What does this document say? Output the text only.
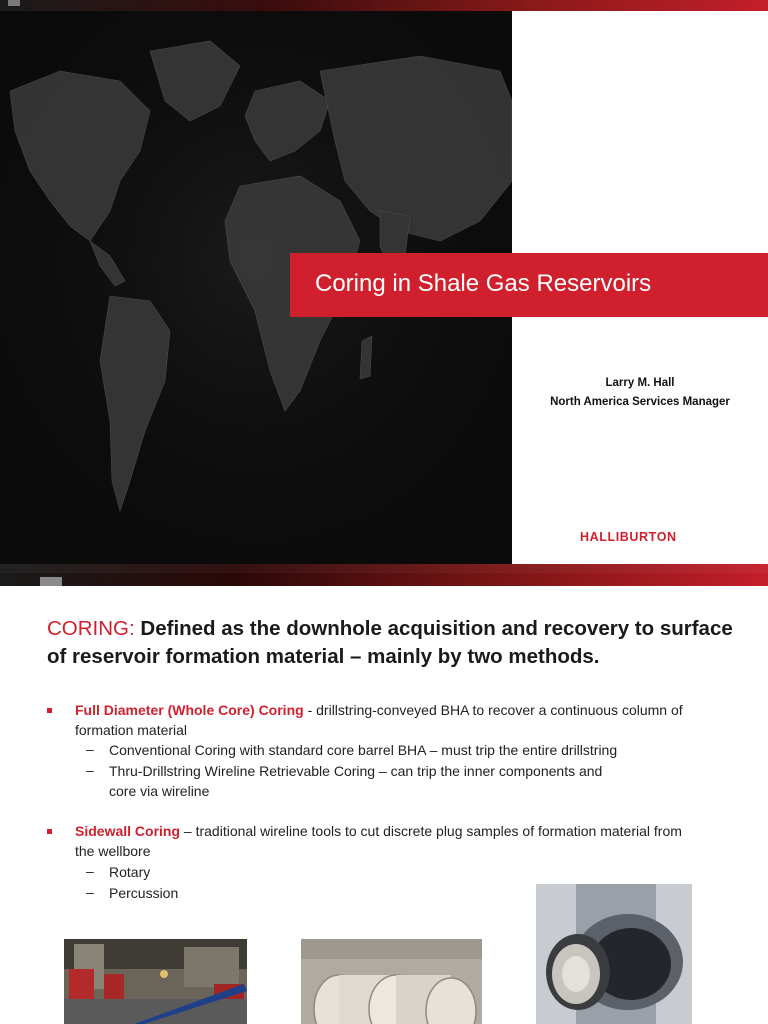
Coring in Shale Gas Reservoirs
Larry M. Hall
North America Services Manager
HALLIBURTON
CORING: Defined as the downhole acquisition and recovery to surface of reservoir formation material – mainly by two methods.
Full Diameter (Whole Core) Coring - drillstring-conveyed BHA to recover a continuous column of
formation material
– Conventional Coring with standard core barrel BHA – must trip the entire drillstring
– Thru-Drillstring Wireline Retrievable Coring – can trip the inner components and
core via wireline
Sidewall Coring – traditional wireline tools to cut discrete plug samples of formation material from
the wellbore
– Rotary
– Percussion
